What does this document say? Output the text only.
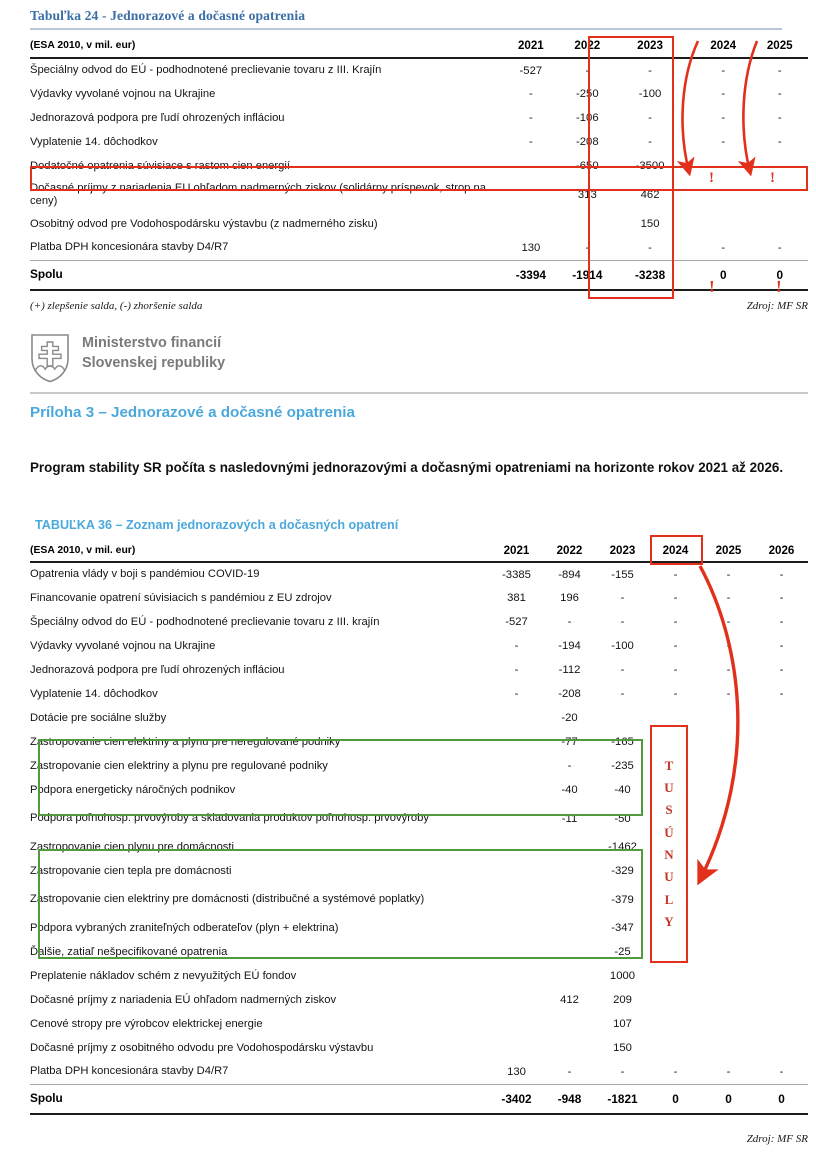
Tabuľka 24 - Jednorazové a dočasné opatrenia
(ESA 2010, v mil. eur)	2021	2022	2023		2024	2025
Špeciálny odvod do EÚ - podhodnotené preclievanie tovaru z III. Krajín	-527	-	-		-	-
Výdavky vyvolané vojnou na Ukrajine	-	-250	-100		-	-
Jednorazová podpora pre ľudí ohrozených infláciou	-	-106	-		-	-
Vyplatenie 14. dôchodkov	-	-208	-		-	-
Dodatočné opatrenia súvisiace s rastom cien energií		-650	-3500			
Dočasné príjmy z nariadenia EU ohľadom nadmerných ziskov (solidárny príspevok, strop na ceny)		313	462			
Osobitný odvod pre Vodohospodársku výstavbu (z nadmerného zisku)			150			
Platba DPH koncesionára stavby D4/R7	130	-	-		-	-
Spolu	-3394	-1914	-3238		0	0
(+) zlepšenie salda, (-) zhoršenie salda	Zdroj: MF SR
Ministerstvo financií
Slovenskej republiky
Príloha 3 – Jednorazové a dočasné opatrenia
Program stability SR počíta s nasledovnými jednorazovými a dočasnými opatreniami na horizonte rokov 2021 až 2026.
TABUĽKA 36 – Zoznam jednorazových a dočasných opatrení
(ESA 2010, v mil. eur)	2021	2022	2023	2024	2025	2026
Opatrenia vlády v boji s pandémiou COVID-19	-3385	-894	-155	-	-	-
Financovanie opatrení súvisiacich s pandémiou z EU zdrojov	381	196	-	-	-	-
Špeciálny odvod do EÚ - podhodnotené preclievanie tovaru z III. krajín	-527	-	-	-	-	-
Výdavky vyvolané vojnou na Ukrajine	-	-194	-100	-	-	-
Jednorazová podpora pre ľudí ohrozených infláciou	-	-112	-	-	-	-
Vyplatenie 14. dôchodkov	-	-208	-	-	-	-
Dotácie pre sociálne služby		-20				
Zastropovanie cien elektriny a plynu pre neregulované podniky		-77	-165			
Zastropovanie cien elektriny a plynu pre regulované podniky		-	-235			
Podpora energeticky náročných podnikov		-40	-40			
Podpora poľnohosp. prvovýroby a skladovania produktov poľnohosp. prvovýroby		-11	-50			
Zastropovanie cien plynu pre domácnosti			-1462			
Zastropovanie cien tepla pre domácnosti			-329			
Zastropovanie cien elektriny pre domácnosti (distribučné a systémové poplatky)			-379			
Podpora vybraných zraniteľných odberateľov (plyn + elektrina)			-347			
Ďalšie, zatiaľ nešpecifikované opatrenia			-25			
Preplatenie nákladov schém z nevyužitých EÚ fondov			1000			
Dočasné príjmy z nariadenia EÚ ohľadom nadmerných ziskov		412	209			
Cenové stropy pre výrobcov elektrickej energie			107			
Dočasné príjmy z osobitného odvodu pre Vodohospodársku výstavbu			150			
Platba DPH koncesionára stavby D4/R7	130	-	-	-	-	-
Spolu	-3402	-948	-1821	0	0	0
Zdroj: MF SR
T
U
S
Ú
N
U
L
Y
!	!
!	!
